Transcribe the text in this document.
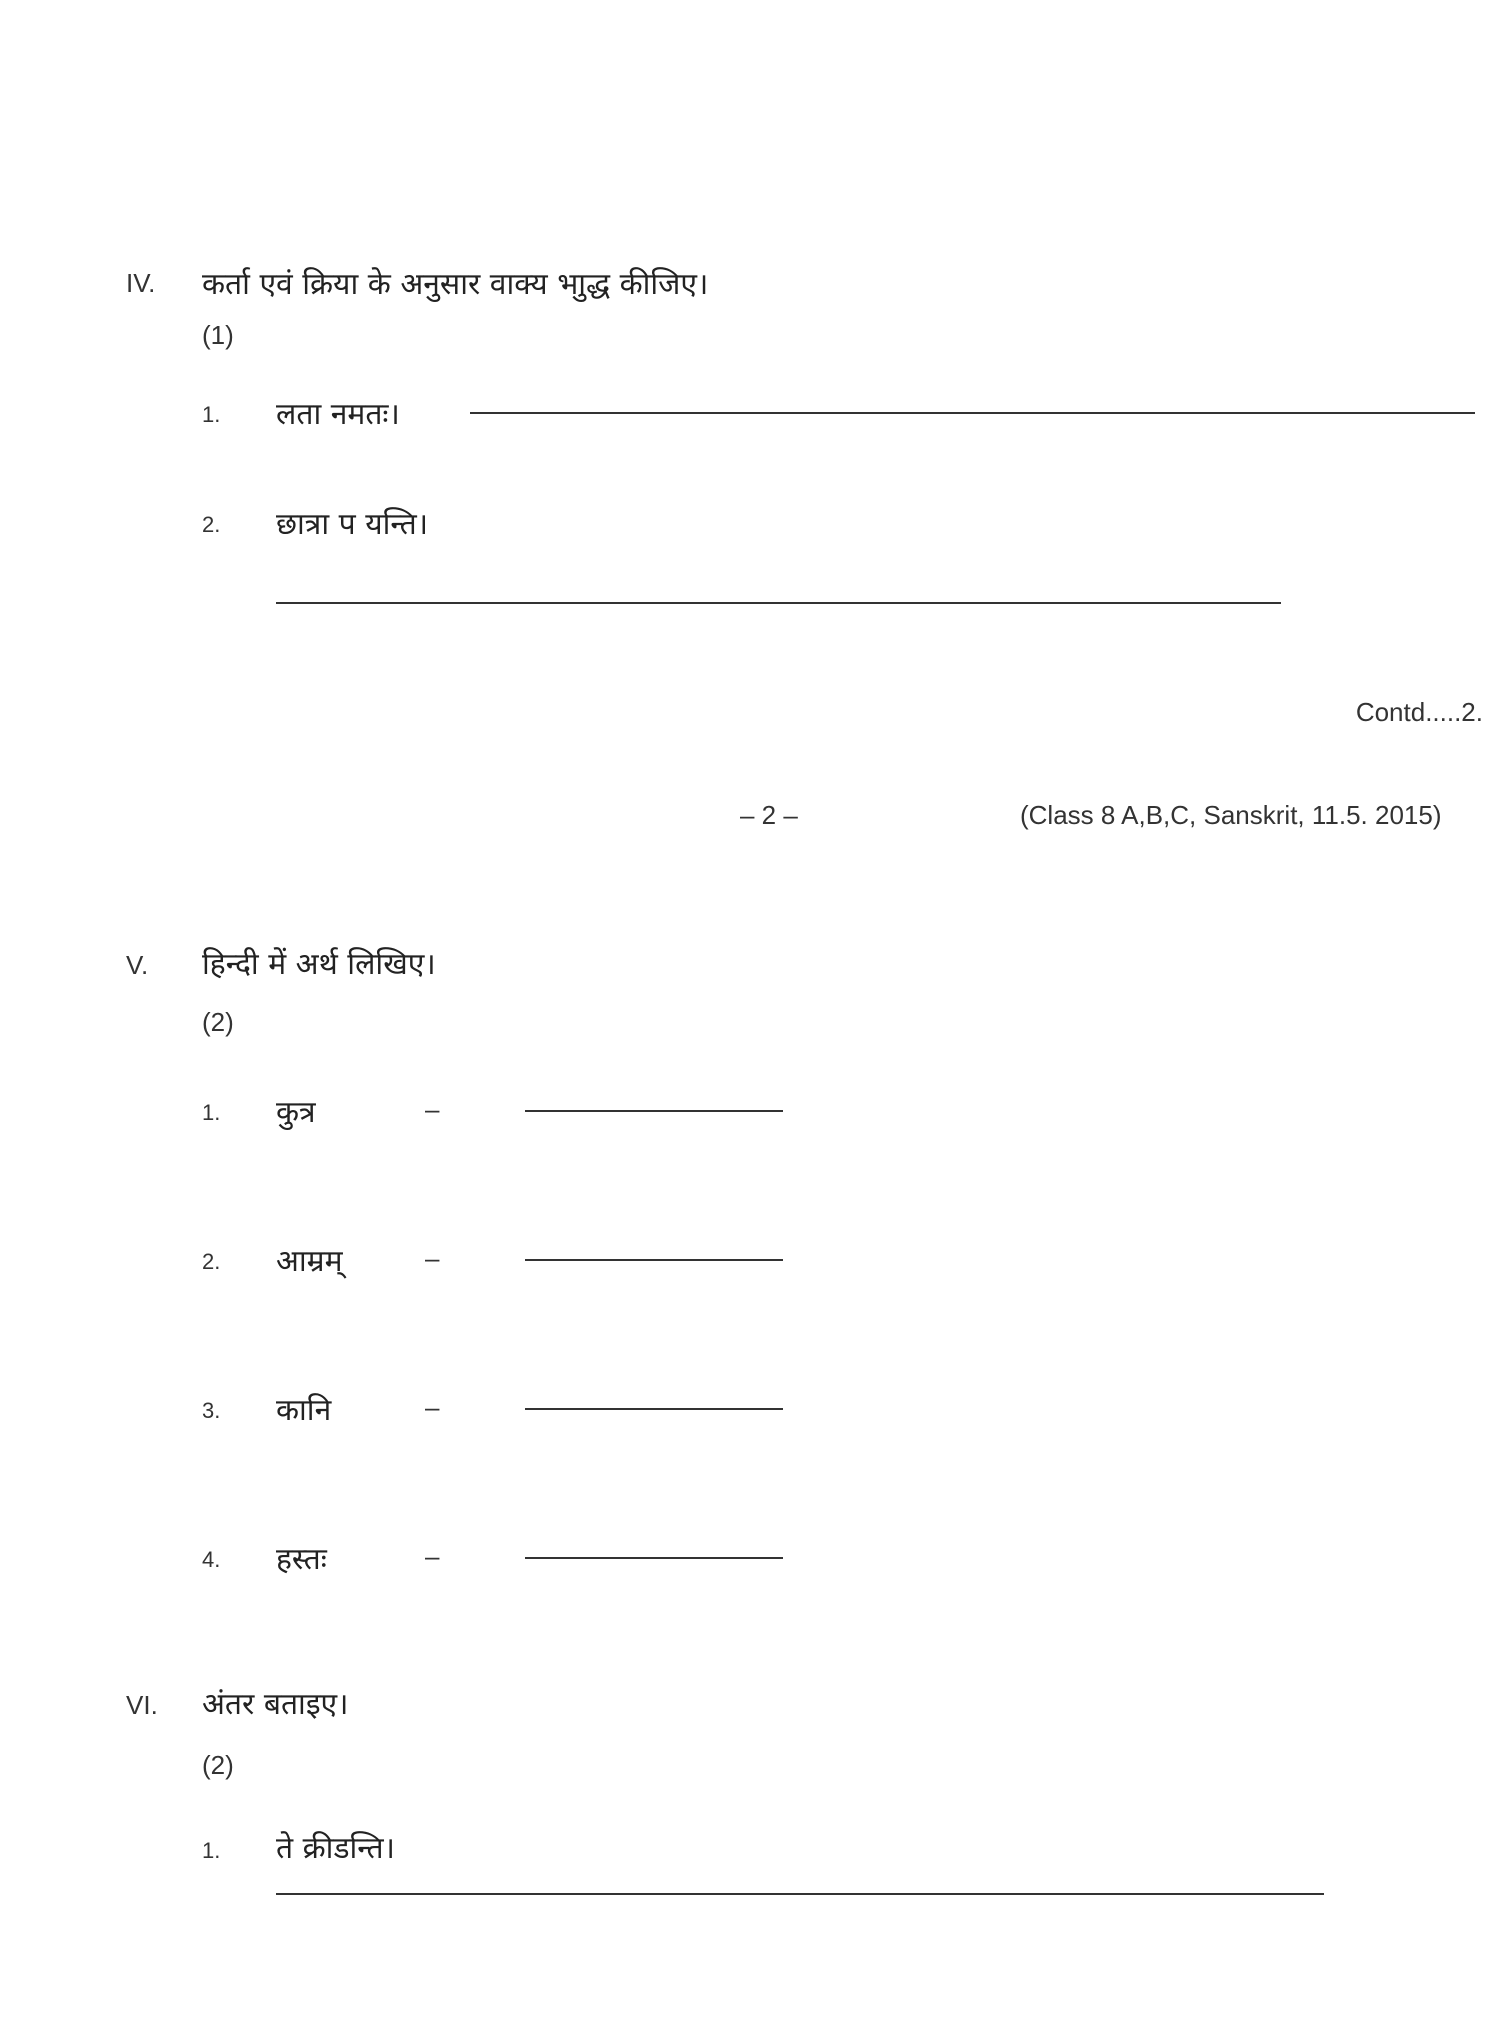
IV. कर्ता एवं क्रिया के अनुसार वाक्य भाुद्ध कीजिए।
(1)
1. लता नमतः।
2. छात्रा प यन्ति।
Contd.....2.
– 2 –	(Class 8 A,B,C, Sanskrit, 11.5. 2015)
V. हिन्दी में अर्थ लिखिए।
(2)
1. कुत्र	–
2. आम्रम्	–
3. कानि	–
4. हस्तः	–
VI. अंतर बताइए।
(2)
1. ते क्रीडन्ति।
